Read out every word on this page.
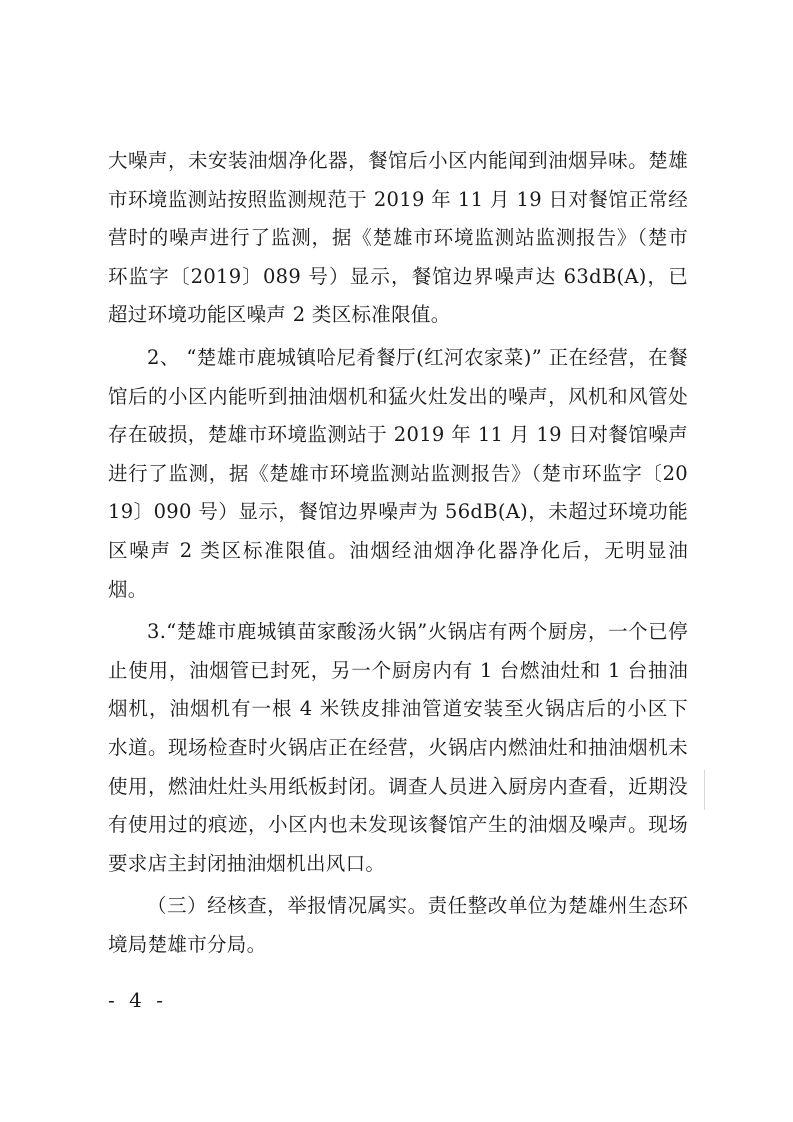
大噪声，未安装油烟净化器，餐馆后小区内能闻到油烟异味。楚雄市环境监测站按照监测规范于 2019 年 11 月 19 日对餐馆正常经营时的噪声进行了监测，据《楚雄市环境监测站监测报告》（楚市环监字〔2019〕089 号）显示，餐馆边界噪声达 63dB(A)，已超过环境功能区噪声 2 类区标准限值。

2、 “楚雄市鹿城镇哈尼肴餐厅(红河农家菜)” 正在经营，在餐馆后的小区内能听到抽油烟机和猛火灶发出的噪声，风机和风管处存在破损，楚雄市环境监测站于 2019 年 11 月 19 日对餐馆噪声进行了监测，据《楚雄市环境监测站监测报告》（楚市环监字〔2019〕090 号）显示，餐馆边界噪声为 56dB(A)，未超过环境功能区噪声 2 类区标准限值。油烟经油烟净化器净化后，无明显油烟。

3.“楚雄市鹿城镇苗家酸汤火锅”火锅店有两个厨房，一个已停止使用，油烟管已封死，另一个厨房内有 1 台燃油灶和 1 台抽油烟机，油烟机有一根 4 米铁皮排油管道安装至火锅店后的小区下水道。现场检查时火锅店正在经营，火锅店内燃油灶和抽油烟机未使用，燃油灶灶头用纸板封闭。调查人员进入厨房内查看，近期没有使用过的痕迹，小区内也未发现该餐馆产生的油烟及噪声。现场要求店主封闭抽油烟机出风口。

（三）经核查，举报情况属实。责任整改单位为楚雄州生态环境局楚雄市分局。

- 4 -
